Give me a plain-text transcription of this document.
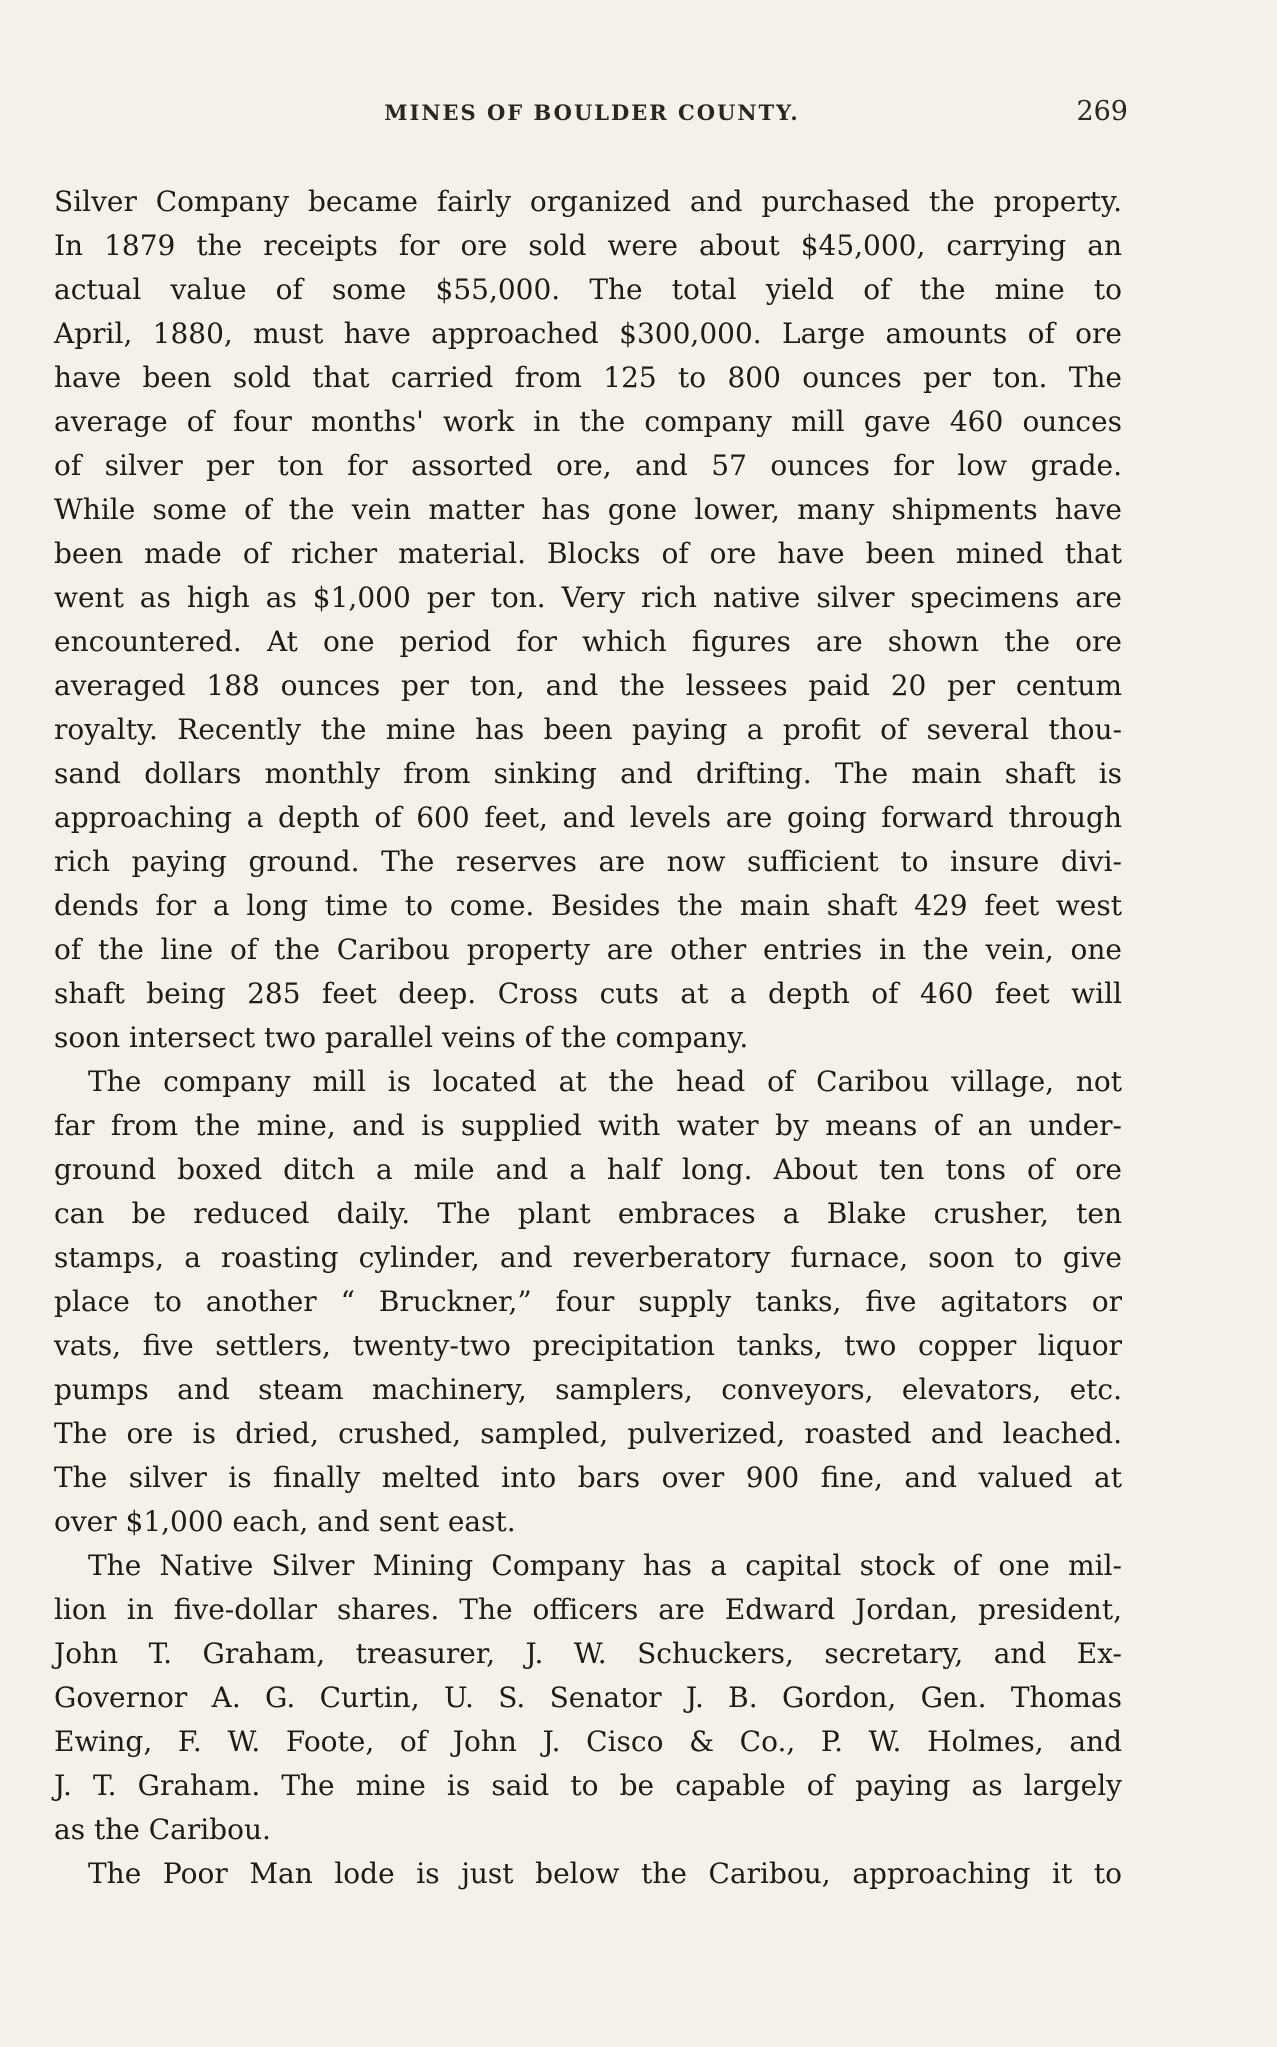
MINES OF BOULDER COUNTY.	269
Silver Company became fairly organized and purchased the property.
In 1879 the receipts for ore sold were about $45,000, carrying an
actual value of some $55,000. The total yield of the mine to
April, 1880, must have approached $300,000. Large amounts of ore
have been sold that carried from 125 to 800 ounces per ton. The
average of four months' work in the company mill gave 460 ounces
of silver per ton for assorted ore, and 57 ounces for low grade.
While some of the vein matter has gone lower, many shipments have
been made of richer material. Blocks of ore have been mined that
went as high as $1,000 per ton. Very rich native silver specimens are
encountered. At one period for which figures are shown the ore
averaged 188 ounces per ton, and the lessees paid 20 per centum
royalty. Recently the mine has been paying a profit of several thou-
sand dollars monthly from sinking and drifting. The main shaft is
approaching a depth of 600 feet, and levels are going forward through
rich paying ground. The reserves are now sufficient to insure divi-
dends for a long time to come. Besides the main shaft 429 feet west
of the line of the Caribou property are other entries in the vein, one
shaft being 285 feet deep. Cross cuts at a depth of 460 feet will
soon intersect two parallel veins of the company.
The company mill is located at the head of Caribou village, not
far from the mine, and is supplied with water by means of an under-
ground boxed ditch a mile and a half long. About ten tons of ore
can be reduced daily. The plant embraces a Blake crusher, ten
stamps, a roasting cylinder, and reverberatory furnace, soon to give
place to another “ Bruckner,” four supply tanks, five agitators or
vats, five settlers, twenty-two precipitation tanks, two copper liquor
pumps and steam machinery, samplers, conveyors, elevators, etc.
The ore is dried, crushed, sampled, pulverized, roasted and leached.
The silver is finally melted into bars over 900 fine, and valued at
over $1,000 each, and sent east.
The Native Silver Mining Company has a capital stock of one mil-
lion in five-dollar shares. The officers are Edward Jordan, president,
John T. Graham, treasurer, J. W. Schuckers, secretary, and Ex-
Governor A. G. Curtin, U. S. Senator J. B. Gordon, Gen. Thomas
Ewing, F. W. Foote, of John J. Cisco & Co., P. W. Holmes, and
J. T. Graham. The mine is said to be capable of paying as largely
as the Caribou.
The Poor Man lode is just below the Caribou, approaching it to
